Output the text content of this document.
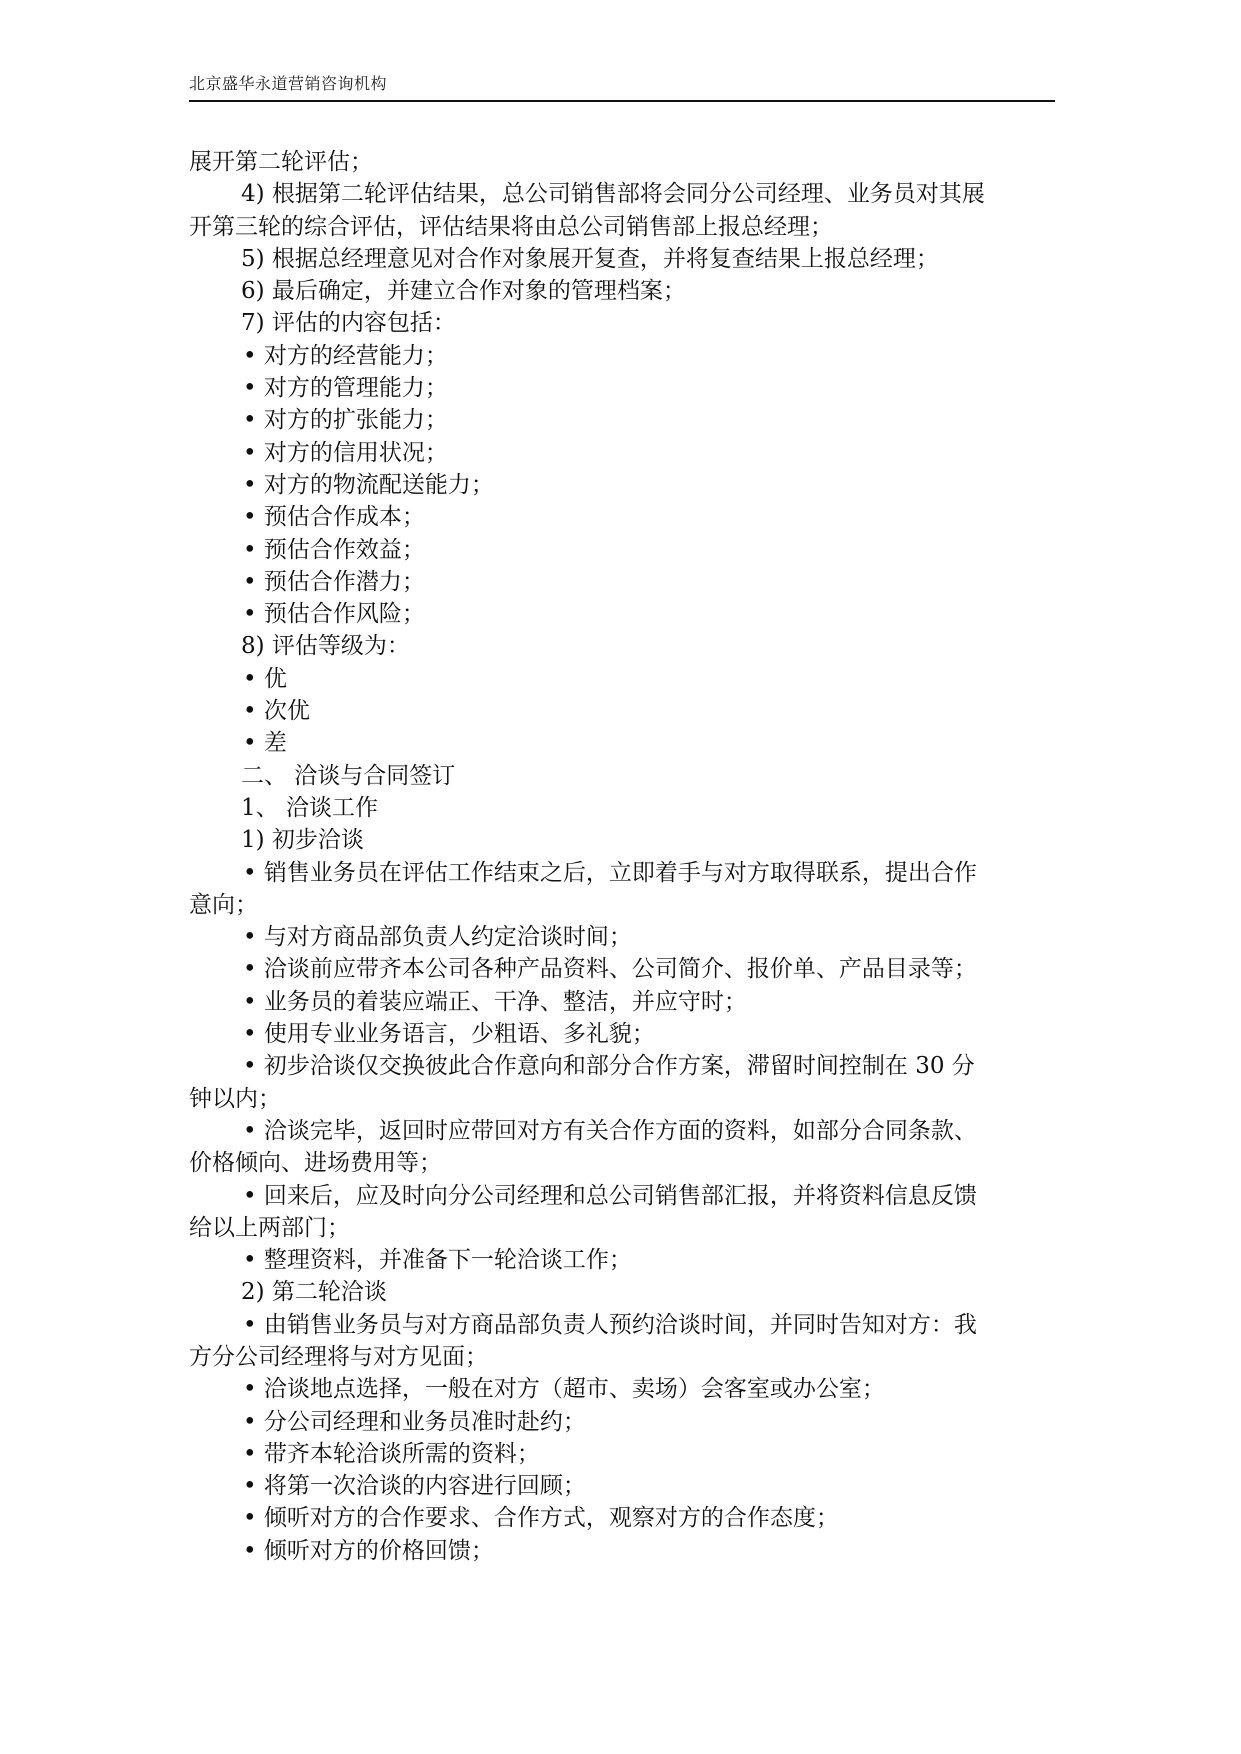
北京盛华永道营销咨询机构
展开第二轮评估；
4) 根据第二轮评估结果，总公司销售部将会同分公司经理、业务员对其展
开第三轮的综合评估，评估结果将由总公司销售部上报总经理；
5) 根据总经理意见对合作对象展开复查，并将复查结果上报总经理；
6) 最后确定，并建立合作对象的管理档案；
7) 评估的内容包括：
• 对方的经营能力；
• 对方的管理能力；
• 对方的扩张能力；
• 对方的信用状况；
• 对方的物流配送能力；
• 预估合作成本；
• 预估合作效益；
• 预估合作潜力；
• 预估合作风险；
8) 评估等级为：
• 优
• 次优
• 差
二、 洽谈与合同签订
1、 洽谈工作
1) 初步洽谈
• 销售业务员在评估工作结束之后，立即着手与对方取得联系，提出合作
意向；
• 与对方商品部负责人约定洽谈时间；
• 洽谈前应带齐本公司各种产品资料、公司简介、报价单、产品目录等；
• 业务员的着装应端正、干净、整洁，并应守时；
• 使用专业业务语言，少粗语、多礼貌；
• 初步洽谈仅交换彼此合作意向和部分合作方案，滞留时间控制在 30 分
钟以内；
• 洽谈完毕，返回时应带回对方有关合作方面的资料，如部分合同条款、
价格倾向、进场费用等；
• 回来后，应及时向分公司经理和总公司销售部汇报，并将资料信息反馈
给以上两部门；
• 整理资料，并准备下一轮洽谈工作；
2) 第二轮洽谈
• 由销售业务员与对方商品部负责人预约洽谈时间，并同时告知对方：我
方分公司经理将与对方见面；
• 洽谈地点选择，一般在对方（超市、卖场）会客室或办公室；
• 分公司经理和业务员准时赴约；
• 带齐本轮洽谈所需的资料；
• 将第一次洽谈的内容进行回顾；
• 倾听对方的合作要求、合作方式，观察对方的合作态度；
• 倾听对方的价格回馈；
